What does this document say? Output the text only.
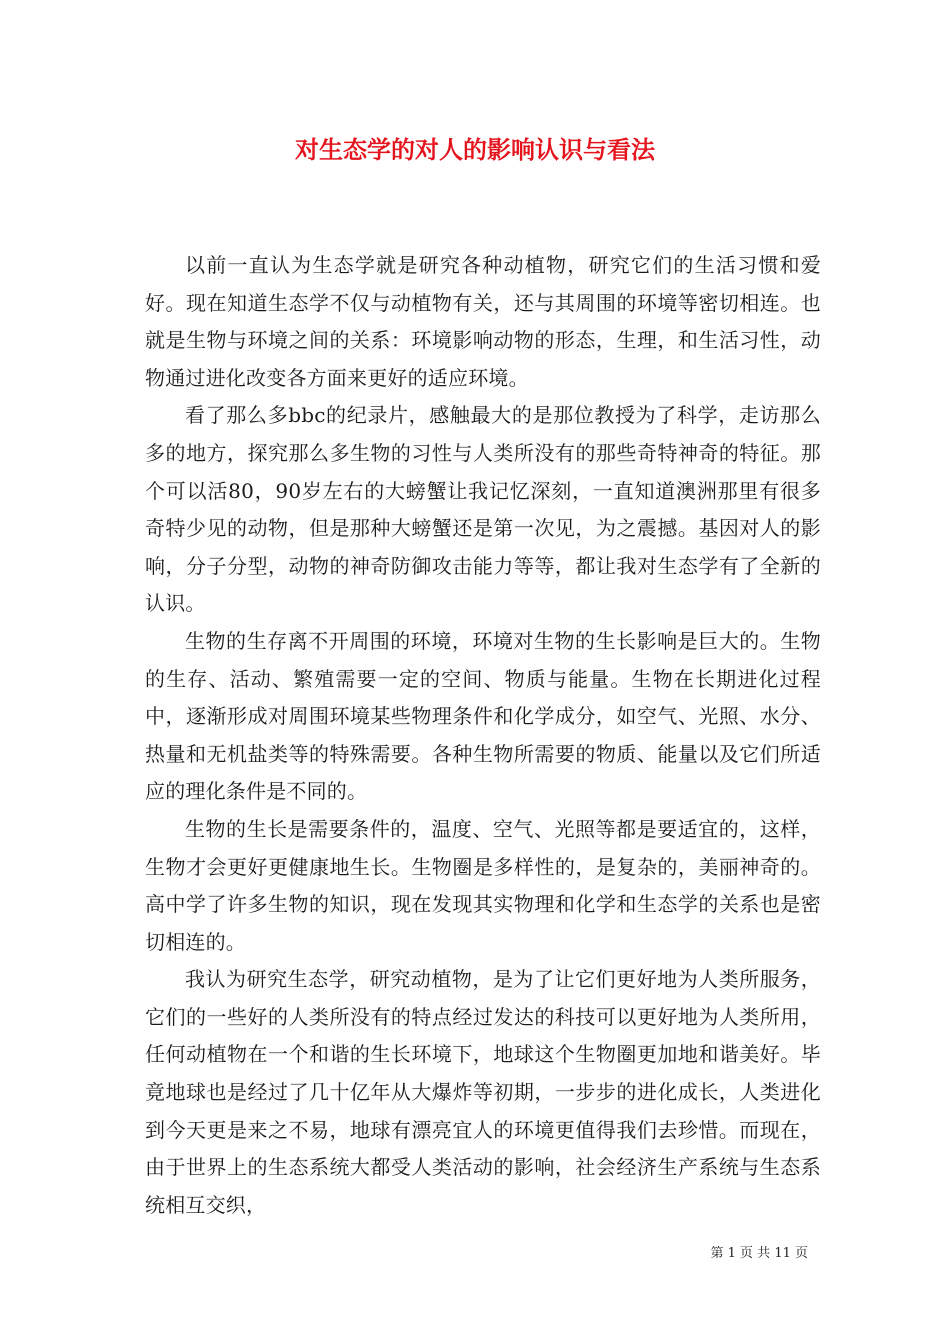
对生态学的对人的影响认识与看法

以前一直认为生态学就是研究各种动植物，研究它们的生活习惯和爱好。现在知道生态学不仅与动植物有关，还与其周围的环境等密切相连。也就是生物与环境之间的关系：环境影响动物的形态，生理，和生活习性，动物通过进化改变各方面来更好的适应环境。

看了那么多bbc的纪录片，感触最大的是那位教授为了科学，走访那么多的地方，探究那么多生物的习性与人类所没有的那些奇特神奇的特征。那个可以活80，90岁左右的大螃蟹让我记忆深刻，一直知道澳洲那里有很多奇特少见的动物，但是那种大螃蟹还是第一次见，为之震撼。基因对人的影响，分子分型，动物的神奇防御攻击能力等等，都让我对生态学有了全新的认识。

生物的生存离不开周围的环境，环境对生物的生长影响是巨大的。生物的生存、活动、繁殖需要一定的空间、物质与能量。生物在长期进化过程中，逐渐形成对周围环境某些物理条件和化学成分，如空气、光照、水分、热量和无机盐类等的特殊需要。各种生物所需要的物质、能量以及它们所适应的理化条件是不同的。

生物的生长是需要条件的，温度、空气、光照等都是要适宜的，这样，生物才会更好更健康地生长。生物圈是多样性的，是复杂的，美丽神奇的。高中学了许多生物的知识，现在发现其实物理和化学和生态学的关系也是密切相连的。

我认为研究生态学，研究动植物，是为了让它们更好地为人类所服务，它们的一些好的人类所没有的特点经过发达的科技可以更好地为人类所用，任何动植物在一个和谐的生长环境下，地球这个生物圈更加地和谐美好。毕竟地球也是经过了几十亿年从大爆炸等初期，一步步的进化成长，人类进化到今天更是来之不易，地球有漂亮宜人的环境更值得我们去珍惜。而现在，由于世界上的生态系统大都受人类活动的影响，社会经济生产系统与生态系统相互交织，

第 1 页 共 11 页
